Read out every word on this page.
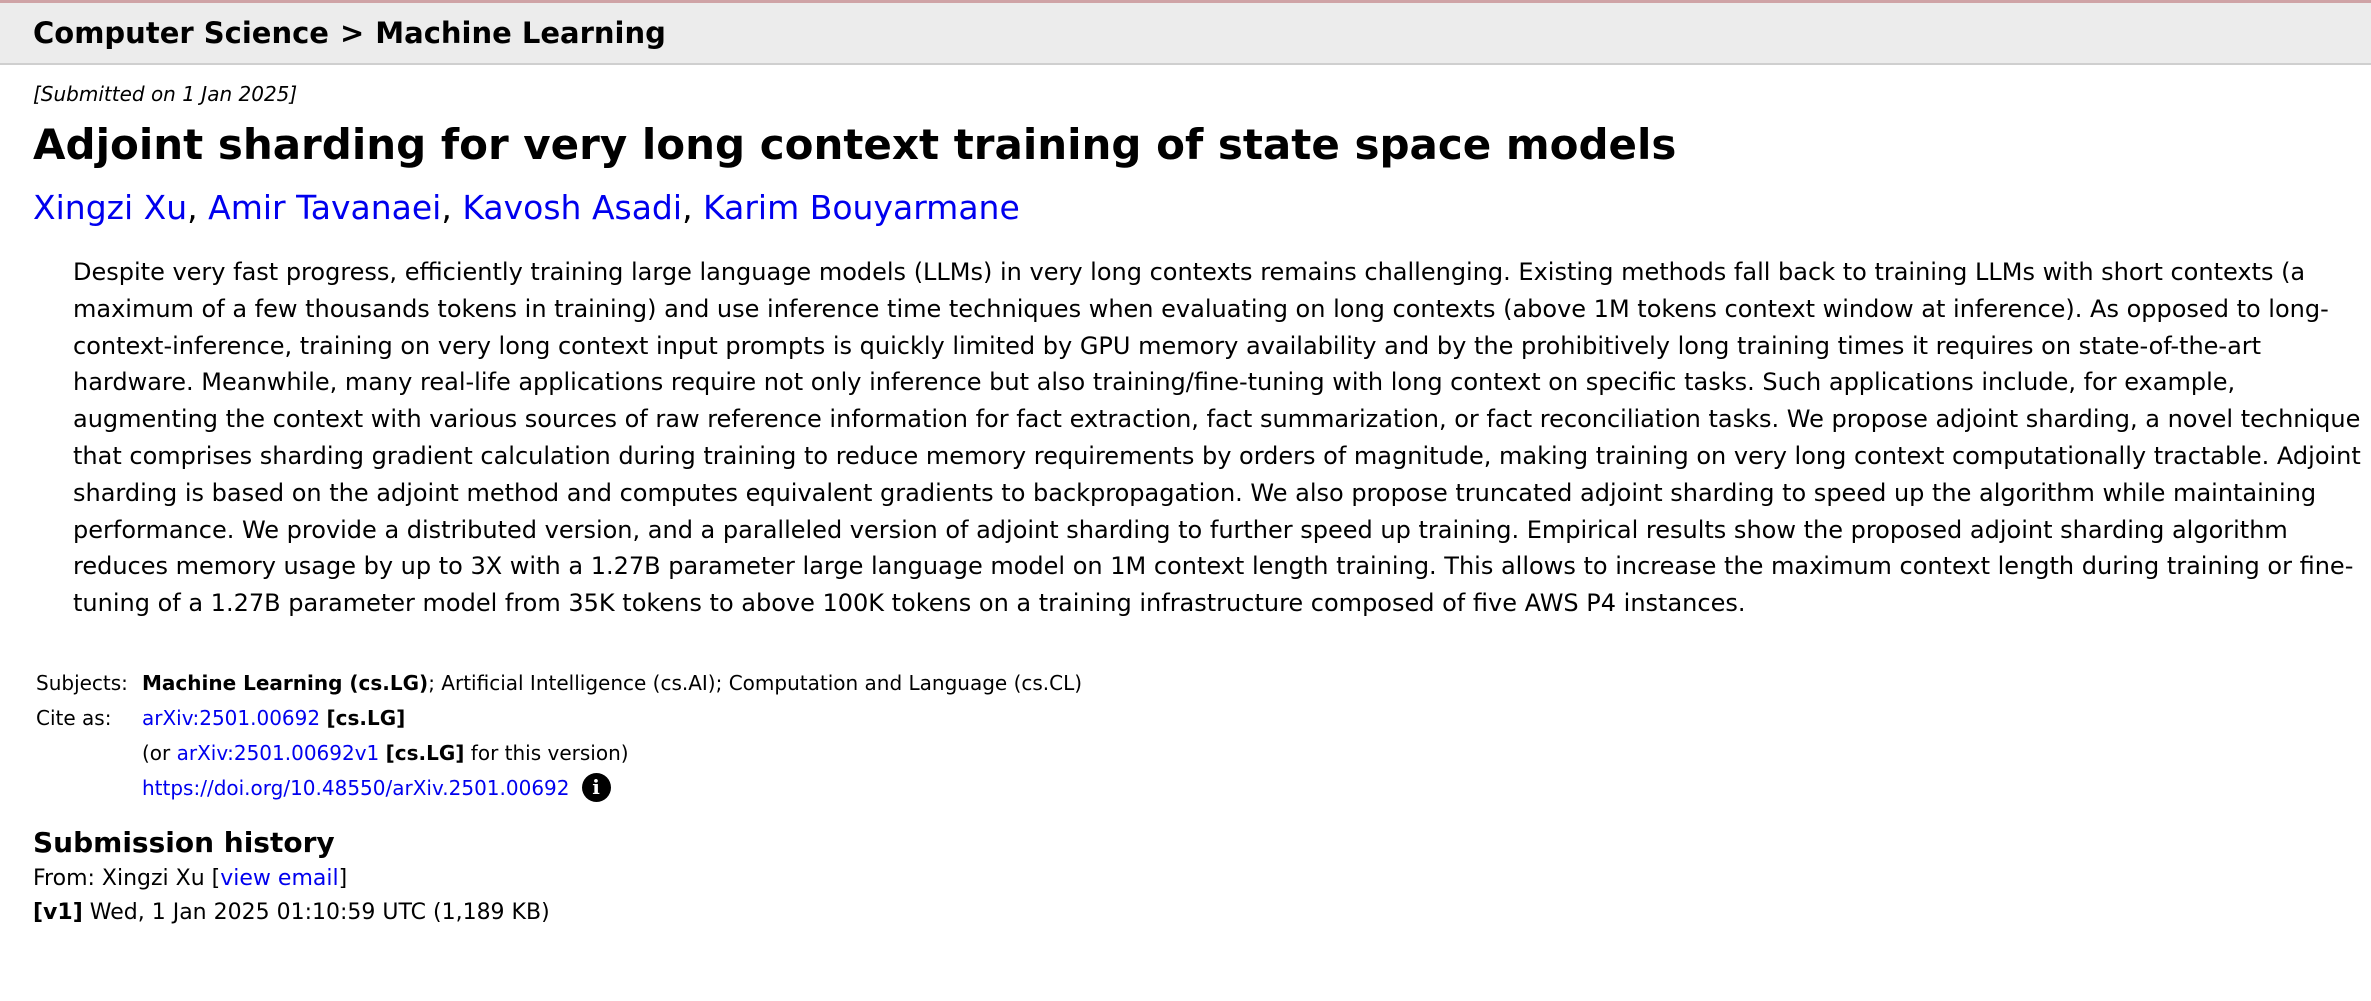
Computer Science > Machine Learning
[Submitted on 1 Jan 2025]
Adjoint sharding for very long context training of state space models
Xingzi Xu, Amir Tavanaei, Kavosh Asadi, Karim Bouyarmane
Despite very fast progress, efficiently training large language models (LLMs) in very long contexts remains challenging. Existing methods fall back to training LLMs with short contexts (a maximum of a few thousands tokens in training) and use inference time techniques when evaluating on long contexts (above 1M tokens context window at inference). As opposed to long-context-inference, training on very long context input prompts is quickly limited by GPU memory availability and by the prohibitively long training times it requires on state-of-the-art hardware. Meanwhile, many real-life applications require not only inference but also training/fine-tuning with long context on specific tasks. Such applications include, for example, augmenting the context with various sources of raw reference information for fact extraction, fact summarization, or fact reconciliation tasks. We propose adjoint sharding, a novel technique that comprises sharding gradient calculation during training to reduce memory requirements by orders of magnitude, making training on very long context computationally tractable. Adjoint sharding is based on the adjoint method and computes equivalent gradients to backpropagation. We also propose truncated adjoint sharding to speed up the algorithm while maintaining performance. We provide a distributed version, and a paralleled version of adjoint sharding to further speed up training. Empirical results show the proposed adjoint sharding algorithm reduces memory usage by up to 3X with a 1.27B parameter large language model on 1M context length training. This allows to increase the maximum context length during training or fine-tuning of a 1.27B parameter model from 35K tokens to above 100K tokens on a training infrastructure composed of five AWS P4 instances.
Subjects:	Machine Learning (cs.LG); Artificial Intelligence (cs.AI); Computation and Language (cs.CL)
Cite as:	arXiv:2501.00692 [cs.LG]
(or arXiv:2501.00692v1 [cs.LG] for this version)
https://doi.org/10.48550/arXiv.2501.00692 i
Submission history
From: Xingzi Xu [view email]
[v1] Wed, 1 Jan 2025 01:10:59 UTC (1,189 KB)
